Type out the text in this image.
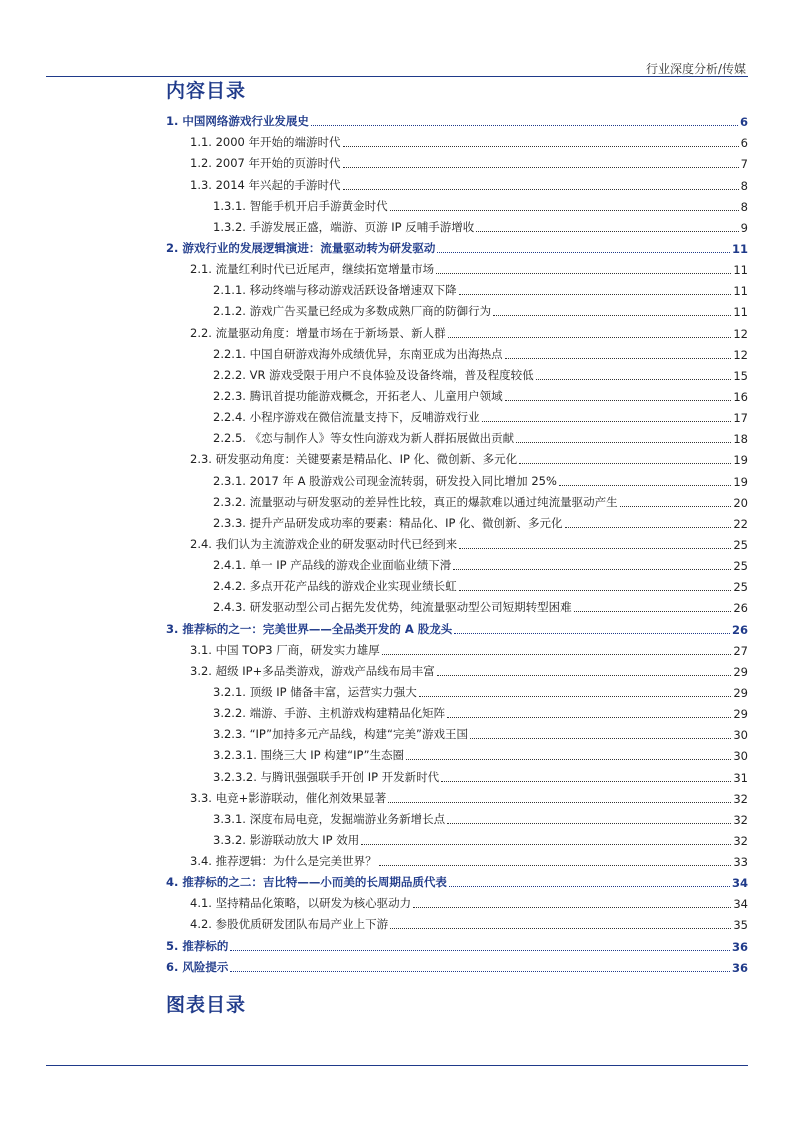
行业深度分析/传媒
内容目录
1. 中国网络游戏行业发展史	6
1.1. 2000 年开始的端游时代	6
1.2. 2007 年开始的页游时代	7
1.3. 2014 年兴起的手游时代	8
1.3.1. 智能手机开启手游黄金时代	8
1.3.2. 手游发展正盛，端游、页游 IP 反哺手游增收	9
2. 游戏行业的发展逻辑演进：流量驱动转为研发驱动	11
2.1. 流量红利时代已近尾声，继续拓宽增量市场	11
2.1.1. 移动终端与移动游戏活跃设备增速双下降	11
2.1.2. 游戏广告买量已经成为多数成熟厂商的防御行为	11
2.2. 流量驱动角度：增量市场在于新场景、新人群	12
2.2.1. 中国自研游戏海外成绩优异，东南亚成为出海热点	12
2.2.2. VR 游戏受限于用户不良体验及设备终端，普及程度较低	15
2.2.3. 腾讯首提功能游戏概念，开拓老人、儿童用户领域	16
2.2.4. 小程序游戏在微信流量支持下，反哺游戏行业	17
2.2.5. 《恋与制作人》等女性向游戏为新人群拓展做出贡献	18
2.3. 研发驱动角度：关键要素是精品化、IP 化、微创新、多元化	19
2.3.1. 2017 年 A 股游戏公司现金流转弱，研发投入同比增加 25%	19
2.3.2. 流量驱动与研发驱动的差异性比较，真正的爆款难以通过纯流量驱动产生	20
2.3.3. 提升产品研发成功率的要素：精品化、IP 化、微创新、多元化	22
2.4. 我们认为主流游戏企业的研发驱动时代已经到来	25
2.4.1. 单一 IP 产品线的游戏企业面临业绩下滑	25
2.4.2. 多点开花产品线的游戏企业实现业绩长虹	25
2.4.3. 研发驱动型公司占据先发优势，纯流量驱动型公司短期转型困难	26
3. 推荐标的之一：完美世界——全品类开发的 A 股龙头	26
3.1. 中国 TOP3 厂商，研发实力雄厚	27
3.2. 超级 IP+多品类游戏，游戏产品线布局丰富	29
3.2.1. 顶级 IP 储备丰富，运营实力强大	29
3.2.2. 端游、手游、主机游戏构建精品化矩阵	29
3.2.3. “IP”加持多元产品线，构建“完美”游戏王国	30
3.2.3.1. 围绕三大 IP 构建“IP”生态圈	30
3.2.3.2. 与腾讯强强联手开创 IP 开发新时代	31
3.3. 电竞+影游联动，催化剂效果显著	32
3.3.1. 深度布局电竞，发掘端游业务新增长点	32
3.3.2. 影游联动放大 IP 效用	32
3.4. 推荐逻辑：为什么是完美世界？	33
4. 推荐标的之二：吉比特——小而美的长周期品质代表	34
4.1. 坚持精品化策略，以研发为核心驱动力	34
4.2. 参股优质研发团队布局产业上下游	35
5. 推荐标的	36
6. 风险提示	36
图表目录
